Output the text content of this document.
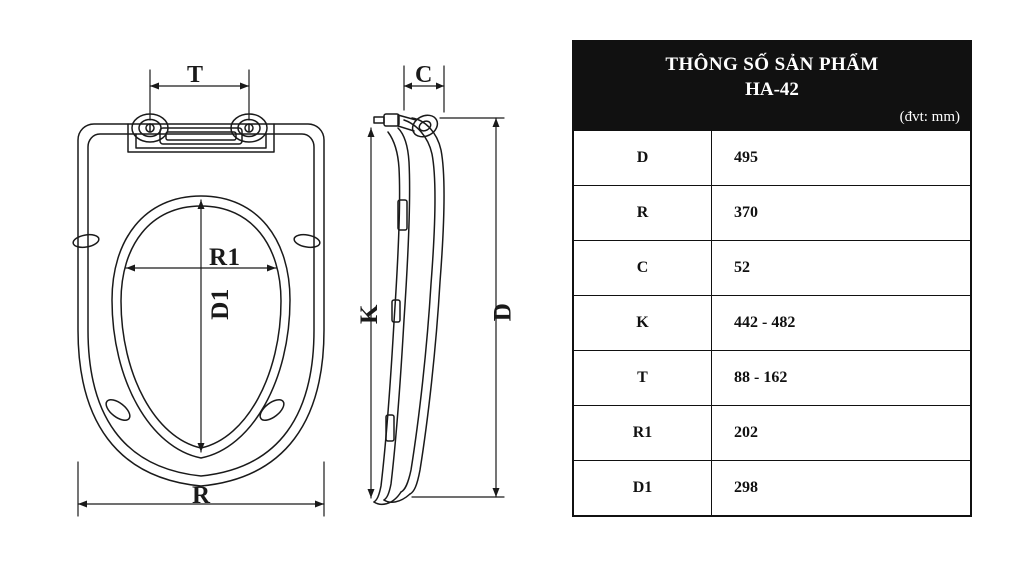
T
R1
D1
R
C
K	D
THÔNG SỐ SẢN PHẨM
HA-42
(đvt: mm)
D	495
R	370
C	52
K	442 - 482
T	88 - 162
R1	202
D1	298
